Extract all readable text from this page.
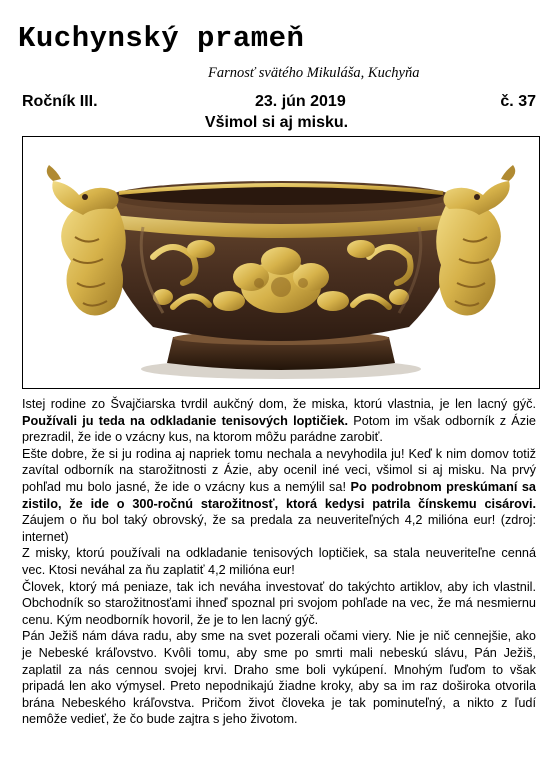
Kuchynský prameň
Farnosť svätého Mikuláša, Kuchyňa
Ročník III.	23. jún 2019	č. 37
Všimol si aj misku.

Istej rodine zo Švajčiarska tvrdil aukčný dom, že miska, ktorú vlastnia, je len lacný gýč. Používali ju teda na odkladanie tenisových loptičiek. Potom im však odborník z Ázie prezradil, že ide o vzácny kus, na ktorom môžu parádne zarobiť.

Ešte dobre, že si ju rodina aj napriek tomu nechala a nevyhodila ju! Keď k nim domov totiž zavítal odborník na starožitnosti z Ázie, aby ocenil iné veci, všimol si aj misku. Na prvý pohľad mu bolo jasné, že ide o vzácny kus a nemýlil sa! Po podrobnom preskúmaní sa zistilo, že ide o 300-ročnú starožitnosť, ktorá kedysi patrila čínskemu cisárovi. Záujem o ňu bol taký obrovský, že sa predala za neuveriteľných 4,2 milióna eur! (zdroj: internet)

Z misky, ktorú používali na odkladanie tenisových loptičiek, sa stala neuveriteľne cenná vec. Ktosi neváhal za ňu zaplatiť 4,2 milióna eur!

Človek, ktorý má peniaze, tak ich neváha investovať do takýchto artiklov, aby ich vlastnil. Obchodník so starožitnosťami ihneď spoznal pri svojom pohľade na vec, že má nesmiernu cenu. Kým neodborník hovoril, že je to len lacný gýč.

Pán Ježiš nám dáva radu, aby sme na svet pozerali očami viery. Nie je nič cennejšie, ako je Nebeské kráľovstvo. Kvôli tomu, aby sme po smrti mali nebeskú slávu, Pán Ježiš, zaplatil za nás cennou svojej krvi. Draho sme boli vykúpení. Mnohým ľuďom to však pripadá len ako výmysel. Preto nepodnikajú žiadne kroky, aby sa im raz doširoka otvorila brána Nebeského kráľovstva. Pričom život človeka je tak pominuteľný, a nikto z ľudí nemôže vedieť, že čo bude zajtra s jeho životom.
